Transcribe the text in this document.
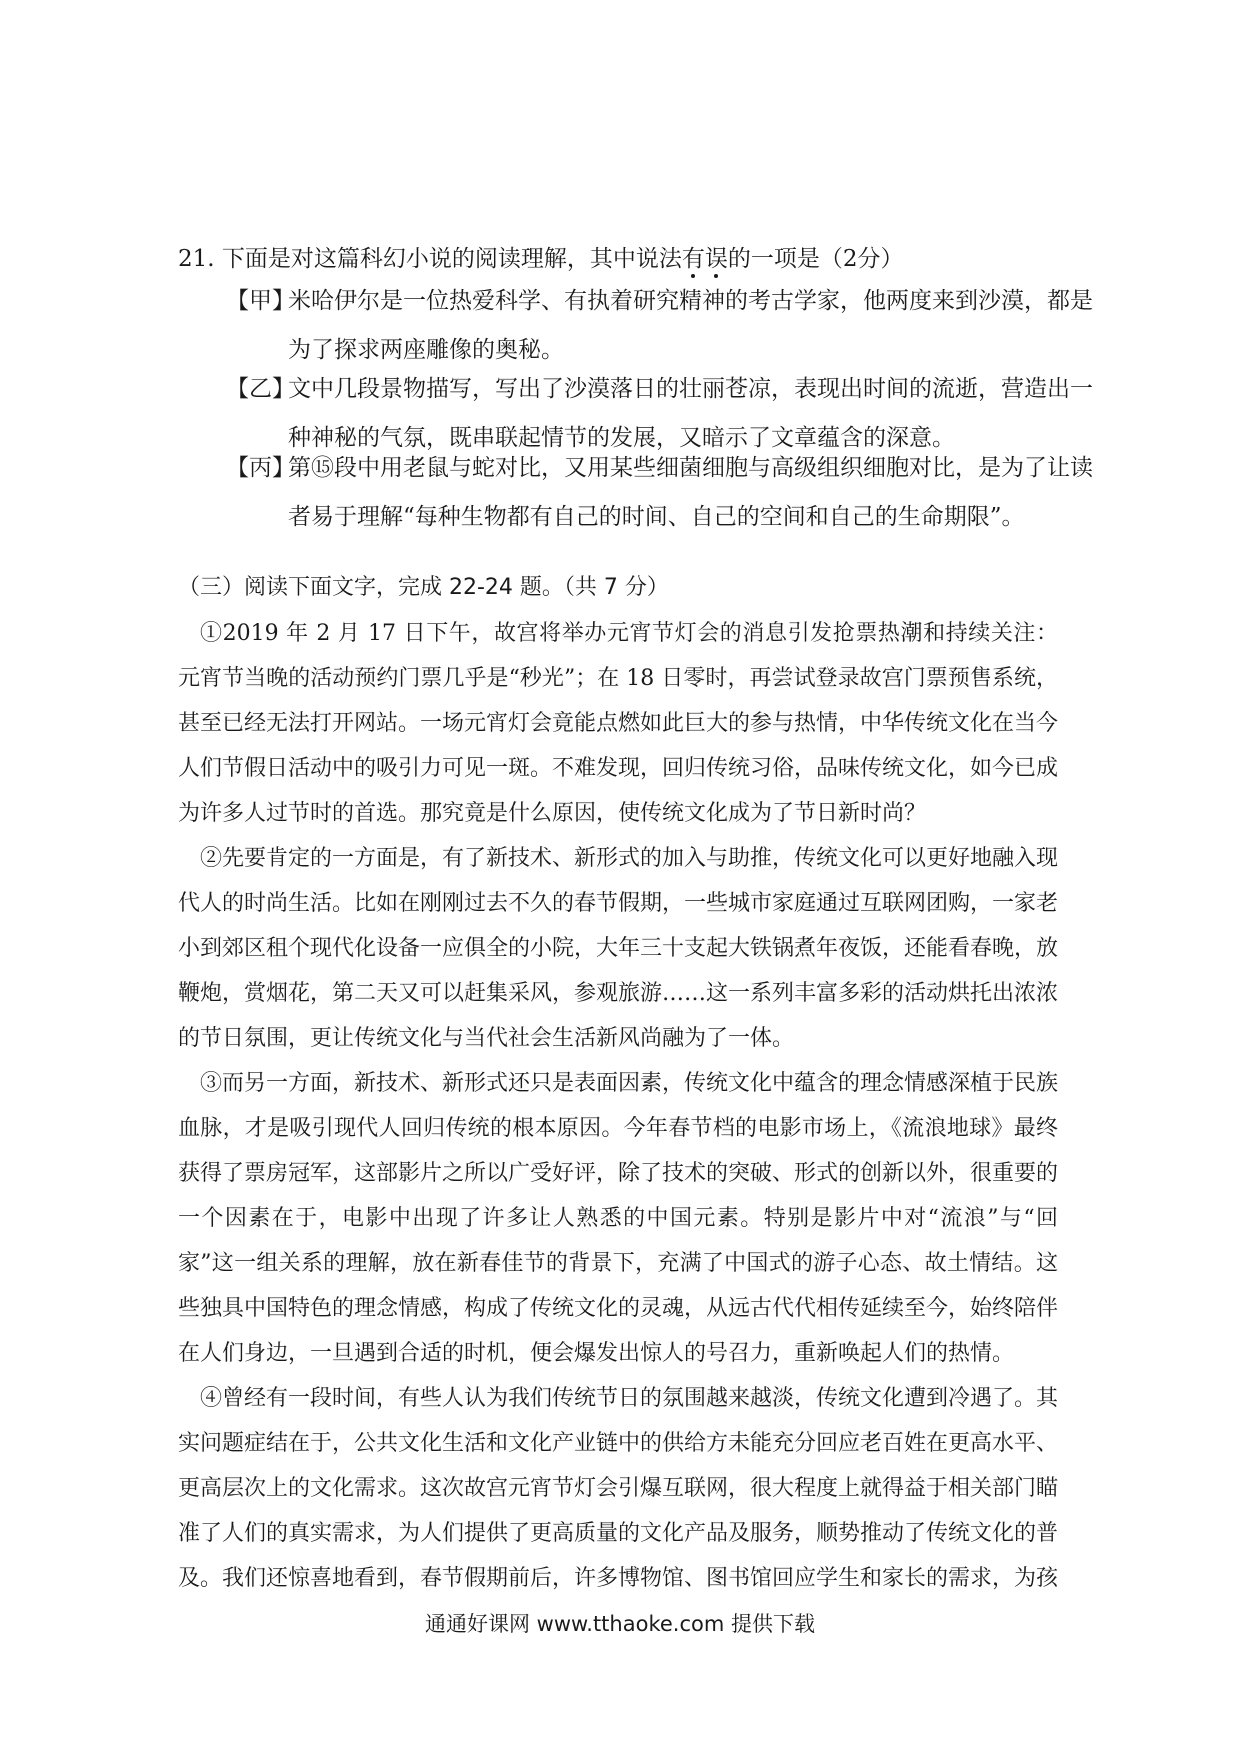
21. 下面是对这篇科幻小说的阅读理解，其中说法有误的一项是（2分）
【甲】
米哈伊尔是一位热爱科学、有执着研究精神的考古学家，他两度来到沙漠，都是
为了探求两座雕像的奥秘。
【乙】
文中几段景物描写，写出了沙漠落日的壮丽苍凉，表现出时间的流逝，营造出一
种神秘的气氛，既串联起情节的发展，又暗示了文章蕴含的深意。
【丙】
第⑮段中用老鼠与蛇对比，又用某些细菌细胞与高级组织细胞对比，是为了让读
者易于理解“每种生物都有自己的时间、自己的空间和自己的生命期限”。
（三）阅读下面文字，完成 22-24 题。（共 7 分）

①2019 年 2 月 17 日下午，故宫将举办元宵节灯会的消息引发抢票热潮和持续关注：元宵节当晚的活动预约门票几乎是“秒光”；在 18 日零时，再尝试登录故宫门票预售系统，甚至已经无法打开网站。一场元宵灯会竟能点燃如此巨大的参与热情，中华传统文化在当今人们节假日活动中的吸引力可见一斑。不难发现，回归传统习俗，品味传统文化，如今已成为许多人过节时的首选。那究竟是什么原因，使传统文化成为了节日新时尚？

②先要肯定的一方面是，有了新技术、新形式的加入与助推，传统文化可以更好地融入现代人的时尚生活。比如在刚刚过去不久的春节假期，一些城市家庭通过互联网团购，一家老小到郊区租个现代化设备一应俱全的小院，大年三十支起大铁锅煮年夜饭，还能看春晚，放鞭炮，赏烟花，第二天又可以赶集采风，参观旅游……这一系列丰富多彩的活动烘托出浓浓的节日氛围，更让传统文化与当代社会生活新风尚融为了一体。

③而另一方面，新技术、新形式还只是表面因素，传统文化中蕴含的理念情感深植于民族血脉，才是吸引现代人回归传统的根本原因。今年春节档的电影市场上，《流浪地球》最终获得了票房冠军，这部影片之所以广受好评，除了技术的突破、形式的创新以外，很重要的一个因素在于，电影中出现了许多让人熟悉的中国元素。特别是影片中对“流浪”与“回家”这一组关系的理解，放在新春佳节的背景下，充满了中国式的游子心态、故土情结。这些独具中国特色的理念情感，构成了传统文化的灵魂，从远古代代相传延续至今，始终陪伴在人们身边，一旦遇到合适的时机，便会爆发出惊人的号召力，重新唤起人们的热情。

④曾经有一段时间，有些人认为我们传统节日的氛围越来越淡，传统文化遭到冷遇了。其实问题症结在于，公共文化生活和文化产业链中的供给方未能充分回应老百姓在更高水平、更高层次上的文化需求。这次故宫元宵节灯会引爆互联网，很大程度上就得益于相关部门瞄准了人们的真实需求，为人们提供了更高质量的文化产品及服务，顺势推动了传统文化的普及。我们还惊喜地看到，春节假期前后，许多博物馆、图书馆回应学生和家长的需求，为孩

通通好课网 www.tthaoke.com 提供下载
